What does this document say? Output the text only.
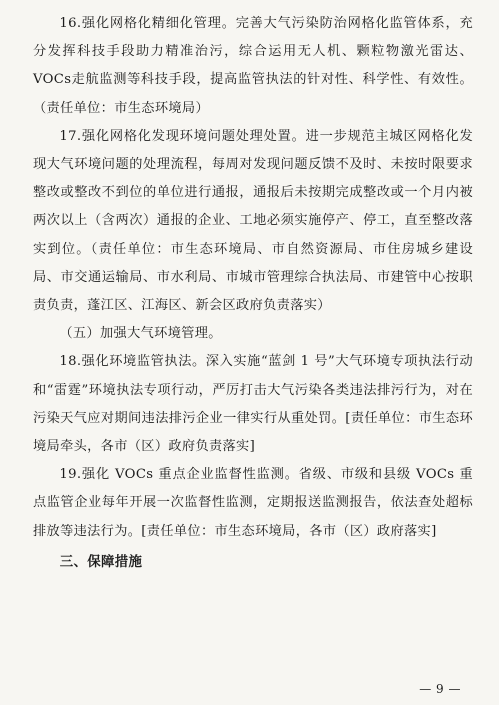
16.强化网格化精细化管理。完善大气污染防治网格化监管体系，充分发挥科技手段助力精准治污，综合运用无人机、颗粒物激光雷达、VOCs走航监测等科技手段，提高监管执法的针对性、科学性、有效性。（责任单位：市生态环境局）

17.强化网格化发现环境问题处理处置。进一步规范主城区网格化发现大气环境问题的处理流程，每周对发现问题反馈不及时、未按时限要求整改或整改不到位的单位进行通报，通报后未按期完成整改或一个月内被两次以上（含两次）通报的企业、工地必须实施停产、停工，直至整改落实到位。（责任单位：市生态环境局、市自然资源局、市住房城乡建设局、市交通运输局、市水利局、市城市管理综合执法局、市建管中心按职责负责，蓬江区、江海区、新会区政府负责落实）

（五）加强大气环境管理。

18.强化环境监管执法。深入实施“蓝剑 1 号”大气环境专项执法行动和“雷霆”环境执法专项行动，严厉打击大气污染各类违法排污行为，对在污染天气应对期间违法排污企业一律实行从重处罚。[责任单位：市生态环境局牵头，各市（区）政府负责落实]

19.强化 VOCs 重点企业监督性监测。省级、市级和县级 VOCs 重点监管企业每年开展一次监督性监测，定期报送监测报告，依法查处超标排放等违法行为。[责任单位：市生态环境局，各市（区）政府落实]

三、保障措施

— 9 —
